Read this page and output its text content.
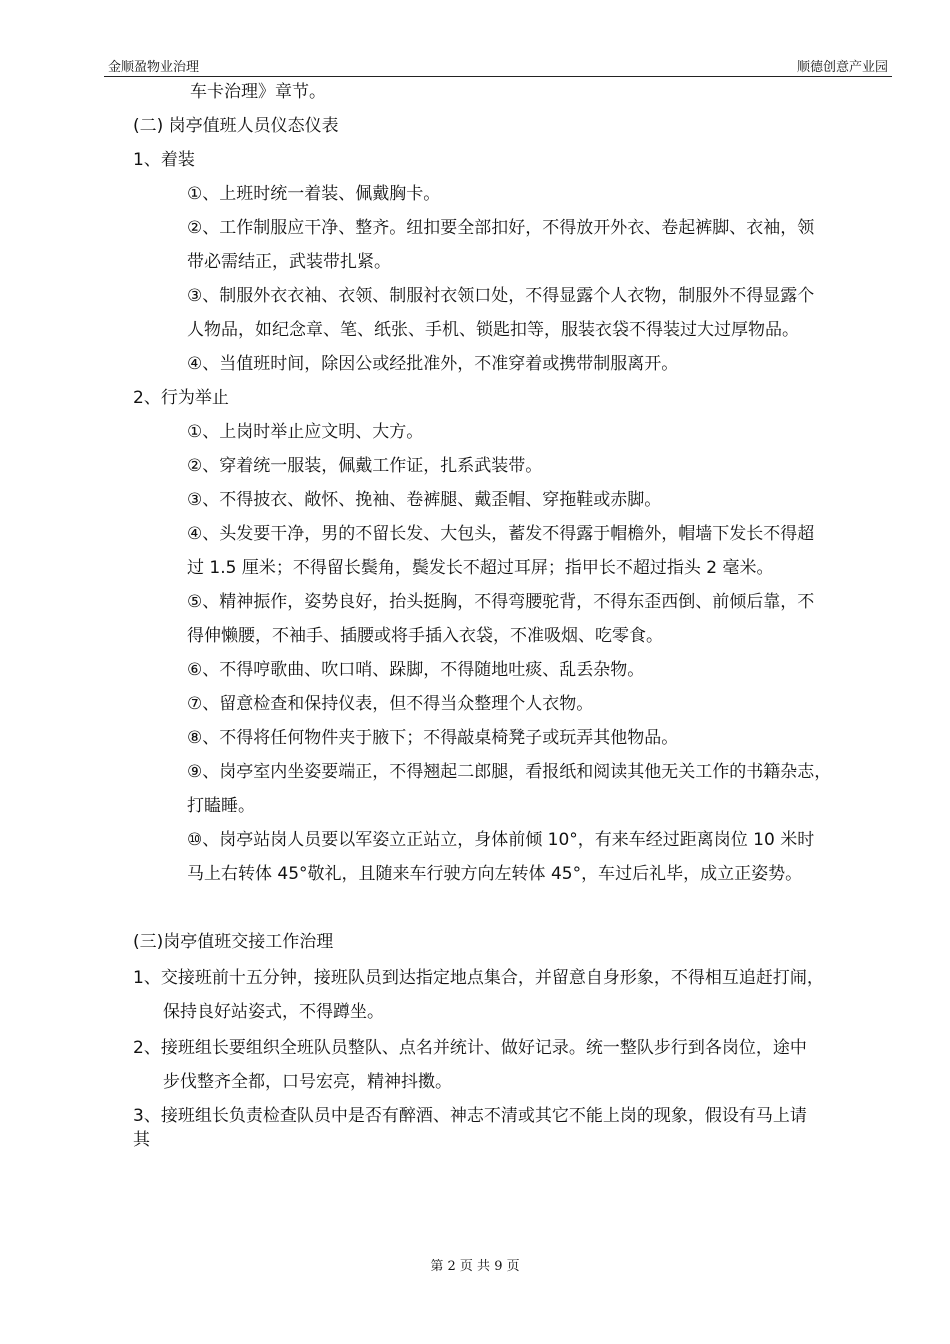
金顺盈物业治理	顺德创意产业园
车卡治理》章节。
(二) 岗亭值班人员仪态仪表
1、着装
①、上班时统一着装、佩戴胸卡。
②、工作制服应干净、整齐。纽扣要全部扣好，不得放开外衣、卷起裤脚、衣袖，领
带必需结正，武装带扎紧。
③、制服外衣衣袖、衣领、制服衬衣领口处，不得显露个人衣物，制服外不得显露个
人物品，如纪念章、笔、纸张、手机、锁匙扣等，服装衣袋不得装过大过厚物品。
④、当值班时间，除因公或经批准外，不准穿着或携带制服离开。
2、行为举止
①、上岗时举止应文明、大方。
②、穿着统一服装，佩戴工作证，扎系武装带。
③、不得披衣、敞怀、挽袖、卷裤腿、戴歪帽、穿拖鞋或赤脚。
④、头发要干净，男的不留长发、大包头，蓄发不得露于帽檐外，帽墙下发长不得超
过 1.5 厘米；不得留长鬓角，鬓发长不超过耳屏；指甲长不超过指头 2 毫米。
⑤、精神振作，姿势良好，抬头挺胸，不得弯腰驼背，不得东歪西倒、前倾后靠，不
得伸懒腰，不袖手、插腰或将手插入衣袋，不准吸烟、吃零食。
⑥、不得哼歌曲、吹口哨、跺脚，不得随地吐痰、乱丢杂物。
⑦、留意检查和保持仪表，但不得当众整理个人衣物。
⑧、不得将任何物件夹于腋下；不得敲桌椅凳子或玩弄其他物品。
⑨、岗亭室内坐姿要端正，不得翘起二郎腿，看报纸和阅读其他无关工作的书籍杂志，
打瞌睡。
⑩、岗亭站岗人员要以军姿立正站立，身体前倾 10°，有来车经过距离岗位 10 米时
马上右转体 45°敬礼，且随来车行驶方向左转体 45°，车过后礼毕，成立正姿势。
(三)岗亭值班交接工作治理
1、交接班前十五分钟，接班队员到达指定地点集合，并留意自身形象，不得相互追赶打闹，
保持良好站姿式，不得蹲坐。
2、接班组长要组织全班队员整队、点名并统计、做好记录。统一整队步行到各岗位，途中
步伐整齐全都，口号宏亮，精神抖擞。
3、接班组长负责检查队员中是否有醉酒、神志不清或其它不能上岗的现象，假设有马上请
其
第 2 页 共 9 页
